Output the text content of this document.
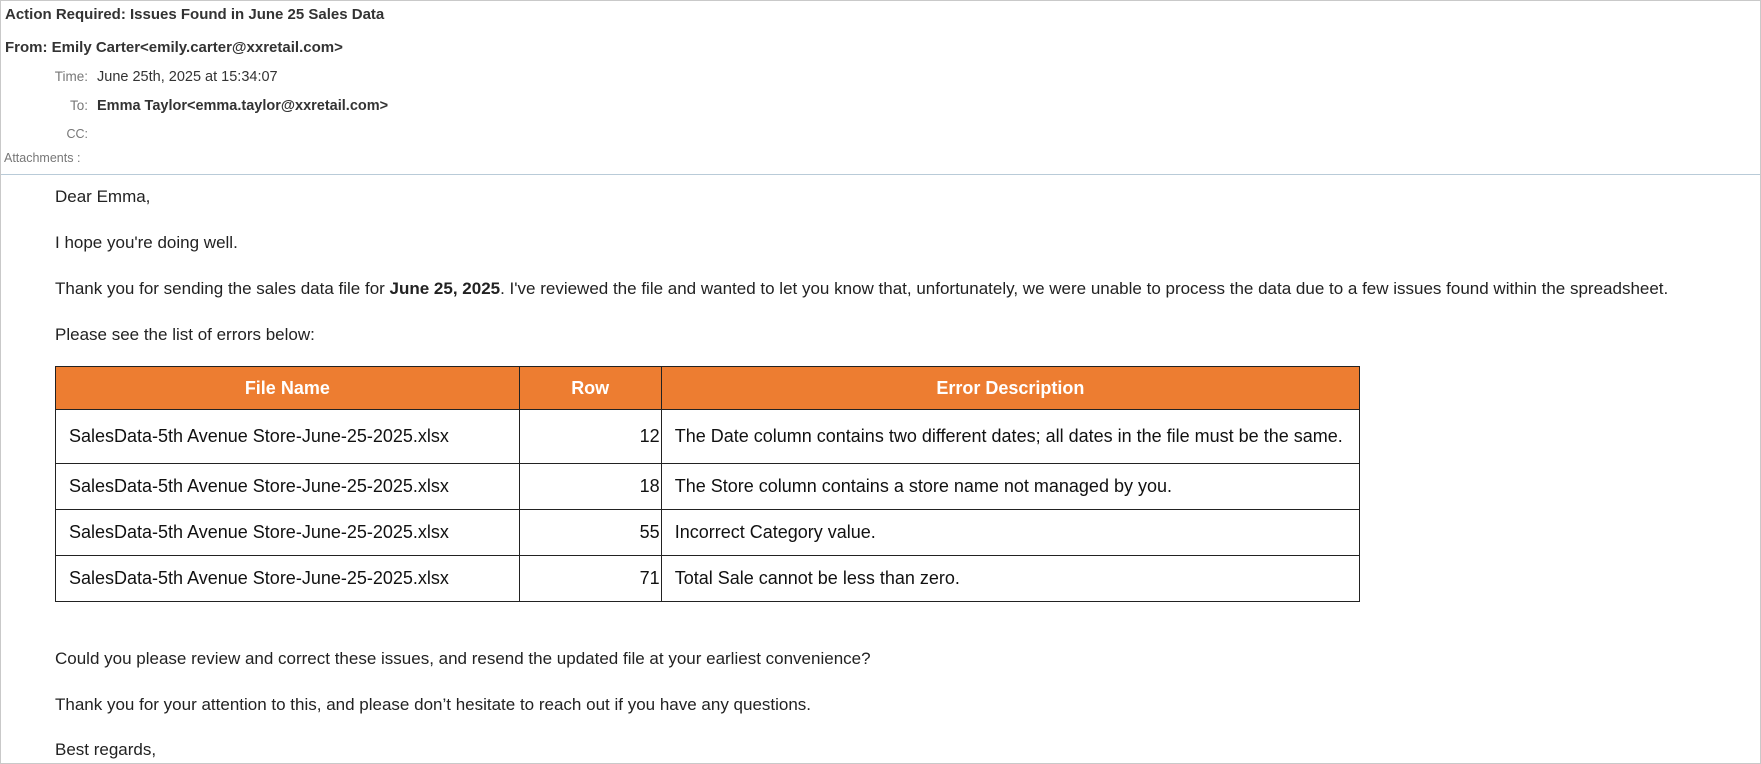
Action Required: Issues Found in June 25 Sales Data
From: Emily Carter<emily.carter@xxretail.com>
Time: June 25th, 2025 at 15:34:07
To: Emma Taylor<emma.taylor@xxretail.com>
CC:
Attachments :

Dear Emma,

I hope you're doing well.

Thank you for sending the sales data file for June 25, 2025. I've reviewed the file and wanted to let you know that, unfortunately, we were unable to process the data due to a few issues found within the spreadsheet.

Please see the list of errors below:

File Name	Row	Error Description
SalesData-5th Avenue Store-June-25-2025.xlsx	12	The Date column contains two different dates; all dates in the file must be the same.
SalesData-5th Avenue Store-June-25-2025.xlsx	18	The Store column contains a store name not managed by you.
SalesData-5th Avenue Store-June-25-2025.xlsx	55	Incorrect Category value.
SalesData-5th Avenue Store-June-25-2025.xlsx	71	Total Sale cannot be less than zero.

Could you please review and correct these issues, and resend the updated file at your earliest convenience?

Thank you for your attention to this, and please don’t hesitate to reach out if you have any questions.

Best regards,
